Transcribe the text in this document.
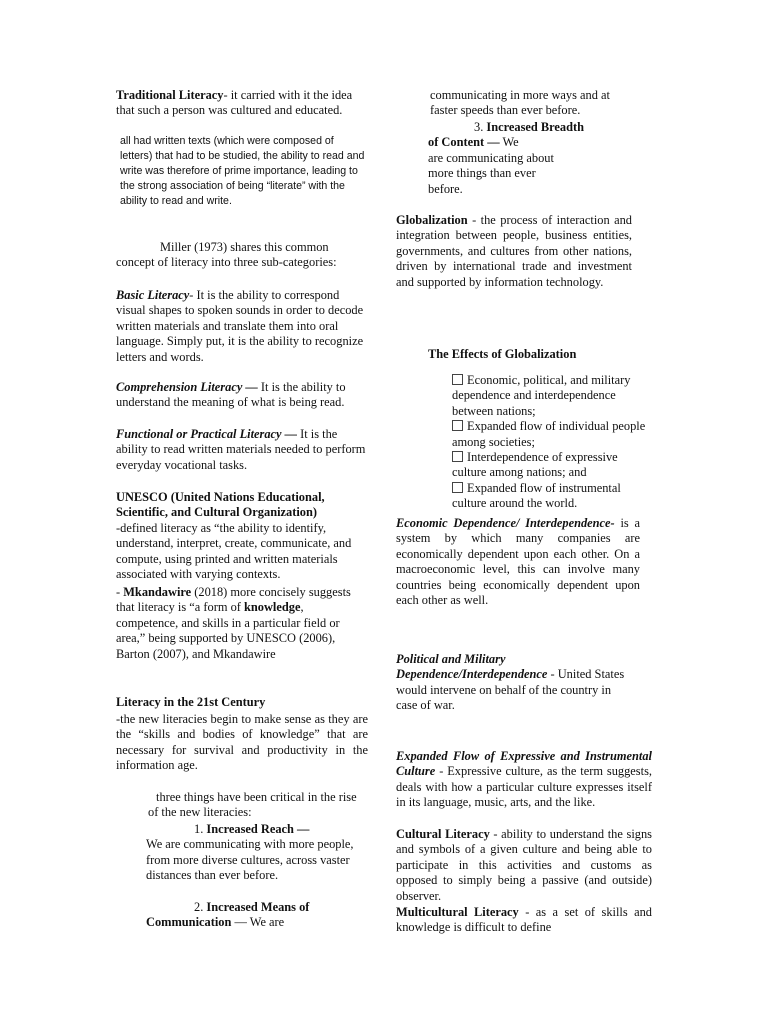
Traditional Literacy- it carried with it the idea that such a person was cultured and educated.
all had written texts (which were composed of letters) that had to be studied, the ability to read and write was therefore of prime importance, leading to the strong association of being “literate” with the ability to read and write.
Miller (1973) shares this common concept of literacy into three sub-categories:
Basic Literacy- It is the ability to correspond visual shapes to spoken sounds in order to decode written materials and translate them into oral language. Simply put, it is the ability to recognize letters and words.
Comprehension Literacy — It is the ability to understand the meaning of what is being read.
Functional or Practical Literacy — It is the ability to read written materials needed to perform everyday vocational tasks.
UNESCO (United Nations Educational, Scientific, and Cultural Organization)
-defined literacy as “the ability to identify, understand, interpret, create, communicate, and compute, using printed and written materials associated with varying contexts.
- Mkandawire (2018) more concisely suggests that literacy is “a form of knowledge, competence, and skills in a particular field or area,” being supported by UNESCO (2006), Barton (2007), and Mkandawire
Literacy in the 21st Century
-the new literacies begin to make sense as they are the “skills and bodies of knowledge” that are necessary for survival and productivity in the information age.
three things have been critical in the rise of the new literacies:
1. Increased Reach —
We are communicating with more people, from more diverse cultures, across vaster distances than ever before.
2. Increased Means of Communication — We are
communicating in more ways and at faster speeds than ever before.
3. Increased Breadth of Content — We
are communicating about more things than ever before.
Globalization - the process of interaction and integration between people, business entities, governments, and cultures from other nations, driven by international trade and investment and supported by information technology.
The Effects of Globalization
Economic, political, and military dependence and interdependence between nations;
Expanded flow of individual people among societies;
Interdependence of expressive culture among nations; and
Expanded flow of instrumental culture around the world.
Economic Dependence/ Interdependence- is a system by which many companies are economically dependent upon each other. On a macroeconomic level, this can involve many countries being economically dependent upon each other as well.
Political and Military Dependence/Interdependence - United States would intervene on behalf of the country in case of war.
Expanded Flow of Expressive and Instrumental Culture - Expressive culture, as the term suggests, deals with how a particular culture expresses itself in its language, music, arts, and the like.
Cultural Literacy - ability to understand the signs and symbols of a given culture and being able to participate in this activities and customs as opposed to simply being a passive (and outside) observer.
Multicultural Literacy - as a set of skills and knowledge is difficult to define
